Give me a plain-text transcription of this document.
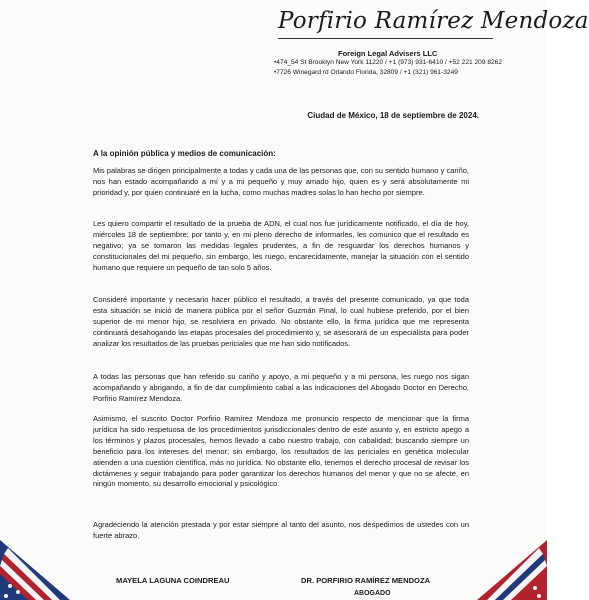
Porfirio Ramírez Mendoza
Foreign Legal Advisers LLC
•474_54 St Brooklyn New York 11220 / +1 (973) 931-6410 / +52 221 209 8262
•7726 Winegard rd Orlando Florida, 32809 / +1 (321) 961-3249
Ciudad de México, 18 de septiembre de 2024.
A la opinión pública y medios de comunicación:
Mis palabras se dirigen principalmente a todas y cada una de las personas que, con su sentido humano y cariño, nos han estado acompañando a mí y a mi pequeño y muy amado hijo, quien es y será absolutamente mi prioridad y, por quien continuaré en la lucha, como muchas madres solas lo han hecho por siempre.
Les quiero compartir el resultado de la prueba de ADN, el cual nos fue jurídicamente notificado, el día de hoy, miércoles 18 de septiembre; por tanto y, en mi pleno derecho de informarles, les comunico que el resultado es negativo; ya se tomaron las medidas legales prudentes, a fin de resguardar los derechos humanos y constitucionales del mi pequeño, sin embargo, les ruego, encarecidamente, manejar la situación con el sentido humano que requiere un pequeño de tan solo 5 años.
Consideré importante y necesario hacer público el resultado, a través del presente comunicado, ya que toda esta situación se inició de manera pública por el señor Guzmán Pinal, lo cual hubiese preferido, por el bien superior de mi menor hijo, se resolviera en privado. No obstante ello, la firma jurídica que me representa continuará desahogando las etapas procesales del procedimiento y, se asesorará de un especialista para poder analizar los resultados de las pruebas periciales que me han sido notificados.
A todas las personas que han referido su cariño y apoyo, a mi pequeño y a mi persona, les ruego nos sigan acompañando y abrigando, a fin de dar cumplimiento cabal a las indicaciones del Abogado Doctor en Derecho, Porfirio Ramírez Mendoza.
Asimismo, el suscrito Doctor Porfirio Ramírez Mendoza me pronuncio respecto de mencionar que la firma jurídica ha sido respetuosa de los procedimientos jurisdiccionales dentro de este asunto y, en estricto apego a los términos y plazos procesales, hemos llevado a cabo nuestro trabajo, con cabalidad; buscando siempre un beneficio para los intereses del menor; sin embargo, los resultados de las periciales en genética molecular atienden a una cuestión científica, más no jurídica. No obstante ello, tenemos el derecho procesal de revisar los dictámenes y seguir trabajando para poder garantizar los derechos humanos del menor y que no se afecte, en ningún momento, su desarrollo emocional y psicológico.
Agradeciendo la atención prestada y por estar siempre al tanto del asunto, nos despedimos de ustedes con un fuerte abrazo.
MAYELA LAGUNA COINDREAU	DR. PORFIRIO RAMÍREZ MENDOZA
ABOGADO
